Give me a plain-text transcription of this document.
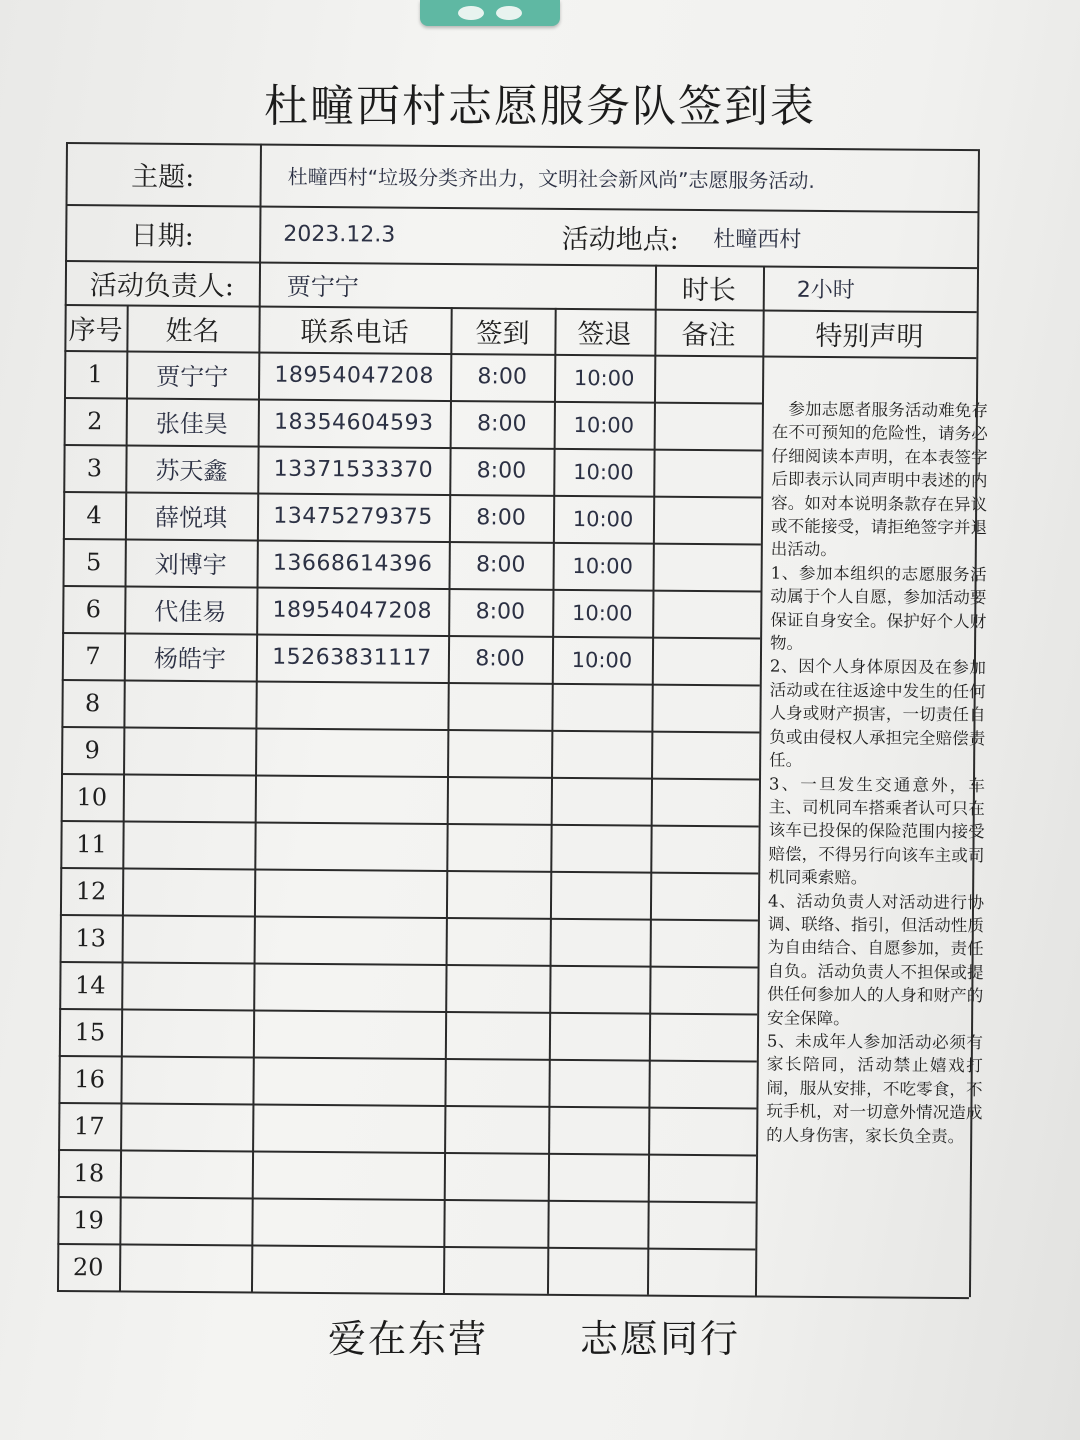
杜疃西村志愿服务队签到表
主题:	杜疃西村“垃圾分类齐出力，文明社会新风尚”志愿服务活动.
日期:	2023.12.3	活动地点:	杜疃西村
活动负责人:	贾宁宁	时长	2小时
序号	姓名	联系电话	签到	签退	备注	特别声明

参加志愿者服务活动难免存在不可预知的危险性，请务必仔细阅读本声明，在本表签字后即表示认同声明中表述的内容。如对本说明条款存在异议或不能接受，请拒绝签字并退出活动。

1、参加本组织的志愿服务活动属于个人自愿，参加活动要保证自身安全。保护好个人财物。

2、因个人身体原因及在参加活动或在往返途中发生的任何人身或财产损害，一切责任自负或由侵权人承担完全赔偿责任。

3、一旦发生交通意外，车主、司机同车搭乘者认可只在该车已投保的保险范围内接受赔偿，不得另行向该车主或司机同乘索赔。

4、活动负责人对活动进行协调、联络、指引，但活动性质为自由结合、自愿参加，责任自负。活动负责人不担保或提供任何参加人的人身和财产的安全保障。

5、未成年人参加活动必须有家长陪同，活动禁止嬉戏打闹，服从安排，不吃零食，不玩手机，对一切意外情况造成的人身伤害，家长负全责。

1	贾宁宁	18954047208	8:00	10:00
2	张佳昊	18354604593	8:00	10:00
3	苏天鑫	13371533370	8:00	10:00
4	薛悦琪	13475279375	8:00	10:00
5	刘博宇	13668614396	8:00	10:00
6	代佳易	18954047208	8:00	10:00
7	杨皓宇	15263831117	8:00	10:00
8
9
10
11
12
13
14
15
16
17
18
19
20
爱在东营 志愿同行
